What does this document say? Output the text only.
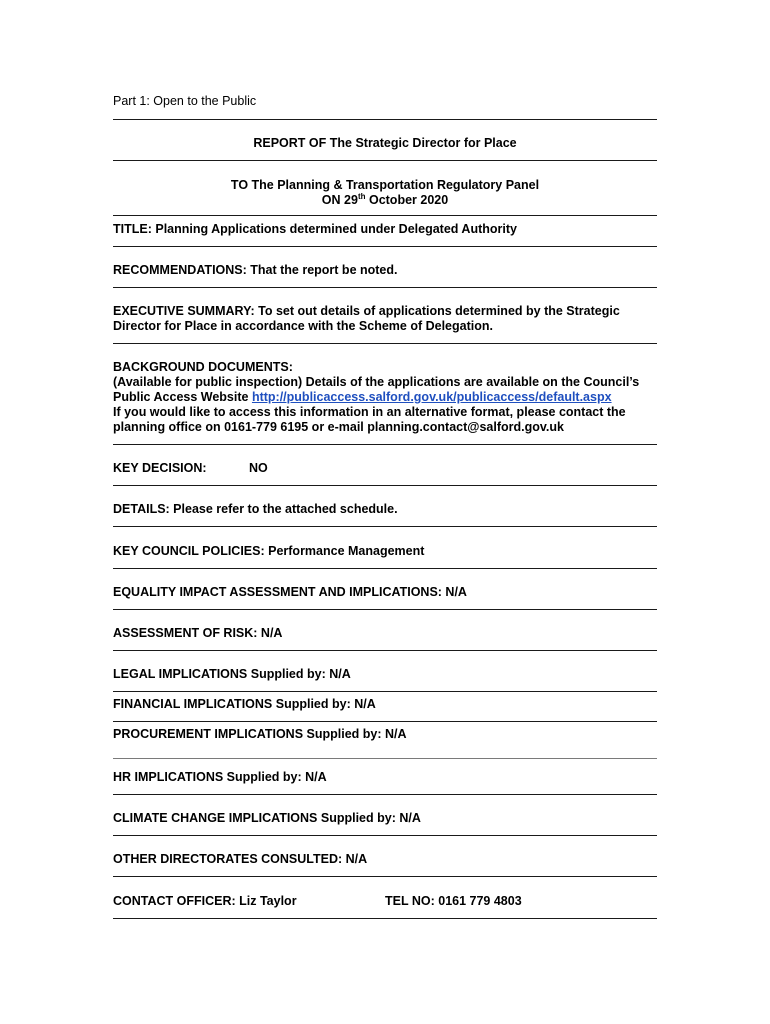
Part 1: Open to the Public
REPORT OF The Strategic Director for Place
TO The Planning & Transportation Regulatory Panel
ON 29th October 2020
TITLE: Planning Applications determined under Delegated Authority
RECOMMENDATIONS: That the report be noted.
EXECUTIVE SUMMARY: To set out details of applications determined by the Strategic Director for Place in accordance with the Scheme of Delegation.
BACKGROUND DOCUMENTS:
(Available for public inspection) Details of the applications are available on the Council’s
Public Access Website http://publicaccess.salford.gov.uk/publicaccess/default.aspx
If you would like to access this information in an alternative format, please contact the
planning office on 0161-779 6195 or e-mail planning.contact@salford.gov.uk
KEY DECISION:	NO
DETAILS: Please refer to the attached schedule.
KEY COUNCIL POLICIES: Performance Management
EQUALITY IMPACT ASSESSMENT AND IMPLICATIONS: N/A
ASSESSMENT OF RISK: N/A
LEGAL IMPLICATIONS Supplied by: N/A
FINANCIAL IMPLICATIONS Supplied by: N/A
PROCUREMENT IMPLICATIONS Supplied by: N/A
HR IMPLICATIONS Supplied by: N/A
CLIMATE CHANGE IMPLICATIONS Supplied by: N/A
OTHER DIRECTORATES CONSULTED: N/A
CONTACT OFFICER: Liz Taylor	TEL NO: 0161 779 4803
